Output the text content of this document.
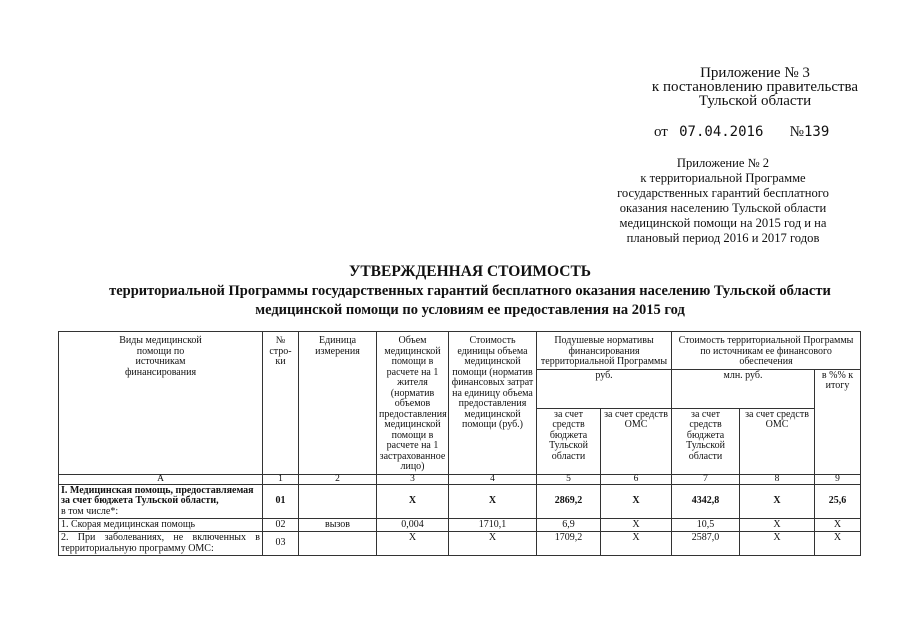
Приложение № 3
к постановлению правительства
Тульской области
от 07.04.2016 №139
Приложение № 2
к территориальной Программе
государственных гарантий бесплатного
оказания населению Тульской области
медицинской помощи на 2015 год и на
плановый период 2016 и 2017 годов
УТВЕРЖДЕННАЯ СТОИМОСТЬ
территориальной Программы государственных гарантий бесплатного оказания населению Тульской области
медицинской помощи по условиям ее предоставления на 2015 год
Виды медицинской помощи по источникам финансирования	№ стро-ки	Единица измерения	Объем медицинской помощи в расчете на 1 жителя (норматив объемов предоставления медицинской помощи в расчете на 1 застрахованное лицо)	Стоимость единицы объема медицинской помощи (норматив финансовых затрат на единицу объема предоставления медицинской помощи (руб.)	Подушевые нормативы финансирования территориальной Программы		Стоимость территориальной Программы по источникам ее финансового обеспечения		
					руб.		млн. руб.		в %% к итогу
					за счет средств бюджета Тульской области	за счет средств ОМС	за счет средств бюджета Тульской области	за счет средств ОМС	
А	1	2	3	4	5	6	7	8	9

I. Медицинская помощь, предоставляемая за счет бюджета Тульской области,
в том числе*:	01		X	X	2869,2	X	4342,8	X	25,6
1. Скорая медицинская помощь	02	вызов	0,004	1710,1	6,9	X	10,5	X	X
2. При заболеваниях, не включенных в территориальную программу ОМС:	03		X	X	1709,2	X	2587,0	X	X
